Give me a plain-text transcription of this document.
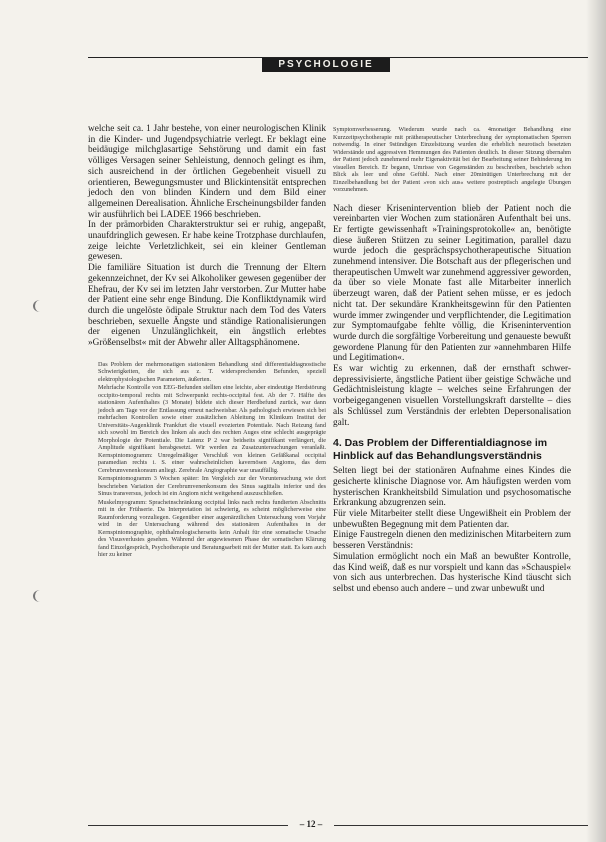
PSYCHOLOGIE

welche seit ca. 1 Jahr bestehe, von einer neurologischen Klinik in die Kinder- und Jugendpsychiatrie verlegt. Er beklagt eine beidäugige milchglasartige Sehstörung und damit ein fast völliges Versagen seiner Sehleistung, dennoch gelingt es ihm, sich ausreichend in der örtlichen Gegebenheit visuell zu orientieren, Bewegungsmuster und Blickintensität entsprechen jedoch den von blinden Kindern und dem Bild einer allgemeinen Derealisation. Ähnliche Erscheinungsbilder fanden wir ausführlich bei LADEE 1966 beschrieben.

In der prämorbiden Charakterstruktur sei er ruhig, angepaßt, unaufdringlich gewesen. Er habe keine Trotzphase durchlaufen, zeige leichte Verletzlichkeit, sei ein kleiner Gentleman gewesen.

Die familiäre Situation ist durch die Trennung der Eltern gekennzeichnet, der Kv sei Alkoholiker gewesen gegenüber der Ehefrau, der Kv sei im letzten Jahr verstorben. Zur Mutter habe der Patient eine sehr enge Bindung. Die Konfliktdynamik wird durch die ungelöste ödipale Struktur nach dem Tod des Vaters beschrieben, sexuelle Ängste und ständige Rationalisierungen der eigenen Unzulänglichkeit, ein ängstlich erlebtes »Größenselbst« mit der Abwehr aller Alltagsphänomene.

Das Problem der mehrmonatigen stationären Behandlung sind differentialdiagnostische Schwierigkeiten, die sich aus z. T. widersprechenden Befunden, speziell elektrophysiologischen Parametern, äußerten.

Mehrfache Kontrolle von EEG-Befunden stellten eine leichte, aber eindeutige Herdstörung occipito-temporal rechts mit Schwerpunkt rechts-occipital fest. Ab der 7. Hälfte des stationären Aufenthaltes (3 Monate) bildete sich dieser Herdbefund zurück, war dann jedoch am Tage vor der Entlassung erneut nachweisbar. Als pathologisch erwiesen sich bei mehrfachen Kontrollen sowie einer zusätzlichen Ableitung im Klinikum Institut der Universitäts-Augenklinik Frankfurt die visuell evozierten Potentiale. Nach Reizung fand sich sowohl im Bereich des linken als auch des rechten Auges eine schlecht ausgeprägte Morphologie der Potentiale. Die Latenz P 2 war beidseits signifikant verlängert, die Amplitude signifikant herabgesetzt. Wir werden zu Zusatzuntersuchungen veranlaßt. Kernspintomogramm: Unregelmäßiger Verschluß von kleinen Gefäßkanal occipital paramedian rechts i. S. einer wahrscheinlichen kavernösen Angioms, das dem Cerebrumvenenkonsum anliegt. Zerebrale Angiographie war unauffällig.

Kernspintomogramm 3 Wochen später: Im Vergleich zur der Voruntersuchung wie dort beschrieben Variation der Cerebrumvenenkonsum des Sinus sagittalis inferior und des Sinus transversus, jedoch ist ein Angiom nicht weitgehend auszuschließen.

Muskelmyogramm: Spracheinschränkung occipital links nach rechts fundierten Abschnitts mit in der Frühserie. Da Interpretation ist schwierig, es scheint möglicherweise eine Raumforderung vorzuliegen. Gegenüber einer augenärztlichen Untersuchung vom Vorjahr wird in der Untersuchung während des stationären Aufenthaltes in der Kernspintomographie, ophthalmologischerseits kein Anhalt für eine somatische Ursache des Visusverlustes gesehen. Während der angewiesenen Phase der somatischen Klärung fand Einzelgespräch, Psychotherapie und Beratungsarbeit mit der Mutter statt. Es kam auch hier zu keiner

Symptomverbesserung. Wiederum wurde nach ca. 4monatiger Behandlung eine Kurzzeitpsychotherapie mit prätherapeutischer Unterbrechung der symptomatischen Sperren notwendig. In einer 9stündigen Einzelsitzung wurden die erheblich neurotisch besetzten Widerstände und aggressiven Hemmungen des Patienten deutlich. In dieser Sitzung übernahm der Patient jedoch zunehmend mehr Eigenaktivität bei der Bearbeitung seiner Behinderung im visuellen Bereich. Er begann, Umrisse von Gegenständen zu beschreiben, beschrieb schon Blick als leer und ohne Gefühl. Nach einer 20minütigen Unterbrechung mit der Einzelbehandlung bei der Patient »von sich aus« weitere postreptisch angelegte Übungen vorzunehmen.

Nach dieser Krisenintervention blieb der Patient noch die vereinbarten vier Wochen zum stationären Aufenthalt bei uns. Er fertigte gewissenhaft »Trainingsprotokolle« an, benötigte diese äußeren Stützen zu seiner Legitimation, parallel dazu wurde jedoch die gesprächspsychotherapeutische Situation zunehmend intensiver. Die Botschaft aus der pflegerischen und therapeutischen Umwelt war zunehmend aggressiver geworden, da über so viele Monate fast alle Mitarbeiter innerlich überzeugt waren, daß der Patient sehen müsse, er es jedoch nicht tat. Der sekundäre Krankheitsgewinn für den Patienten wurde immer zwingender und verpflichtender, die Legitimation zur Symptomaufgabe fehlte völlig, die Krisenintervention wurde durch die sorgfältige Vorbereitung und genaueste bewußt gewordene Planung für den Patienten zur »annehmbaren Hilfe und Legitimation«.

Es war wichtig zu erkennen, daß der ernsthaft schwer-depressivisierte, ängstliche Patient über geistige Schwäche und Gedächtnisleistung klagte – welches seine Erfahrungen der vorbeigegangenen visuellen Vorstellungskraft darstellte – dies als Schlüssel zum Verständnis der erlebten Depersonalisation galt.

4. Das Problem der Differentialdiagnose im Hinblick auf das Behandlungsverständnis

Selten liegt bei der stationären Aufnahme eines Kindes die gesicherte klinische Diagnose vor. Am häufigsten werden vom hysterischen Krankheitsbild Simulation und psychosomatische Erkrankung abzugrenzen sein.

Für viele Mitarbeiter stellt diese Ungewißheit ein Problem der unbewußten Begegnung mit dem Patienten dar.

Einige Faustregeln dienen den medizinischen Mitarbeitern zum besseren Verständnis:

Simulation ermöglicht noch ein Maß an bewußter Kontrolle, das Kind weiß, daß es nur vorspielt und kann das »Schauspiel« von sich aus unterbrechen. Das hysterische Kind täuscht sich selbst und ebenso auch andere – und zwar unbewußt und

– 12 –
